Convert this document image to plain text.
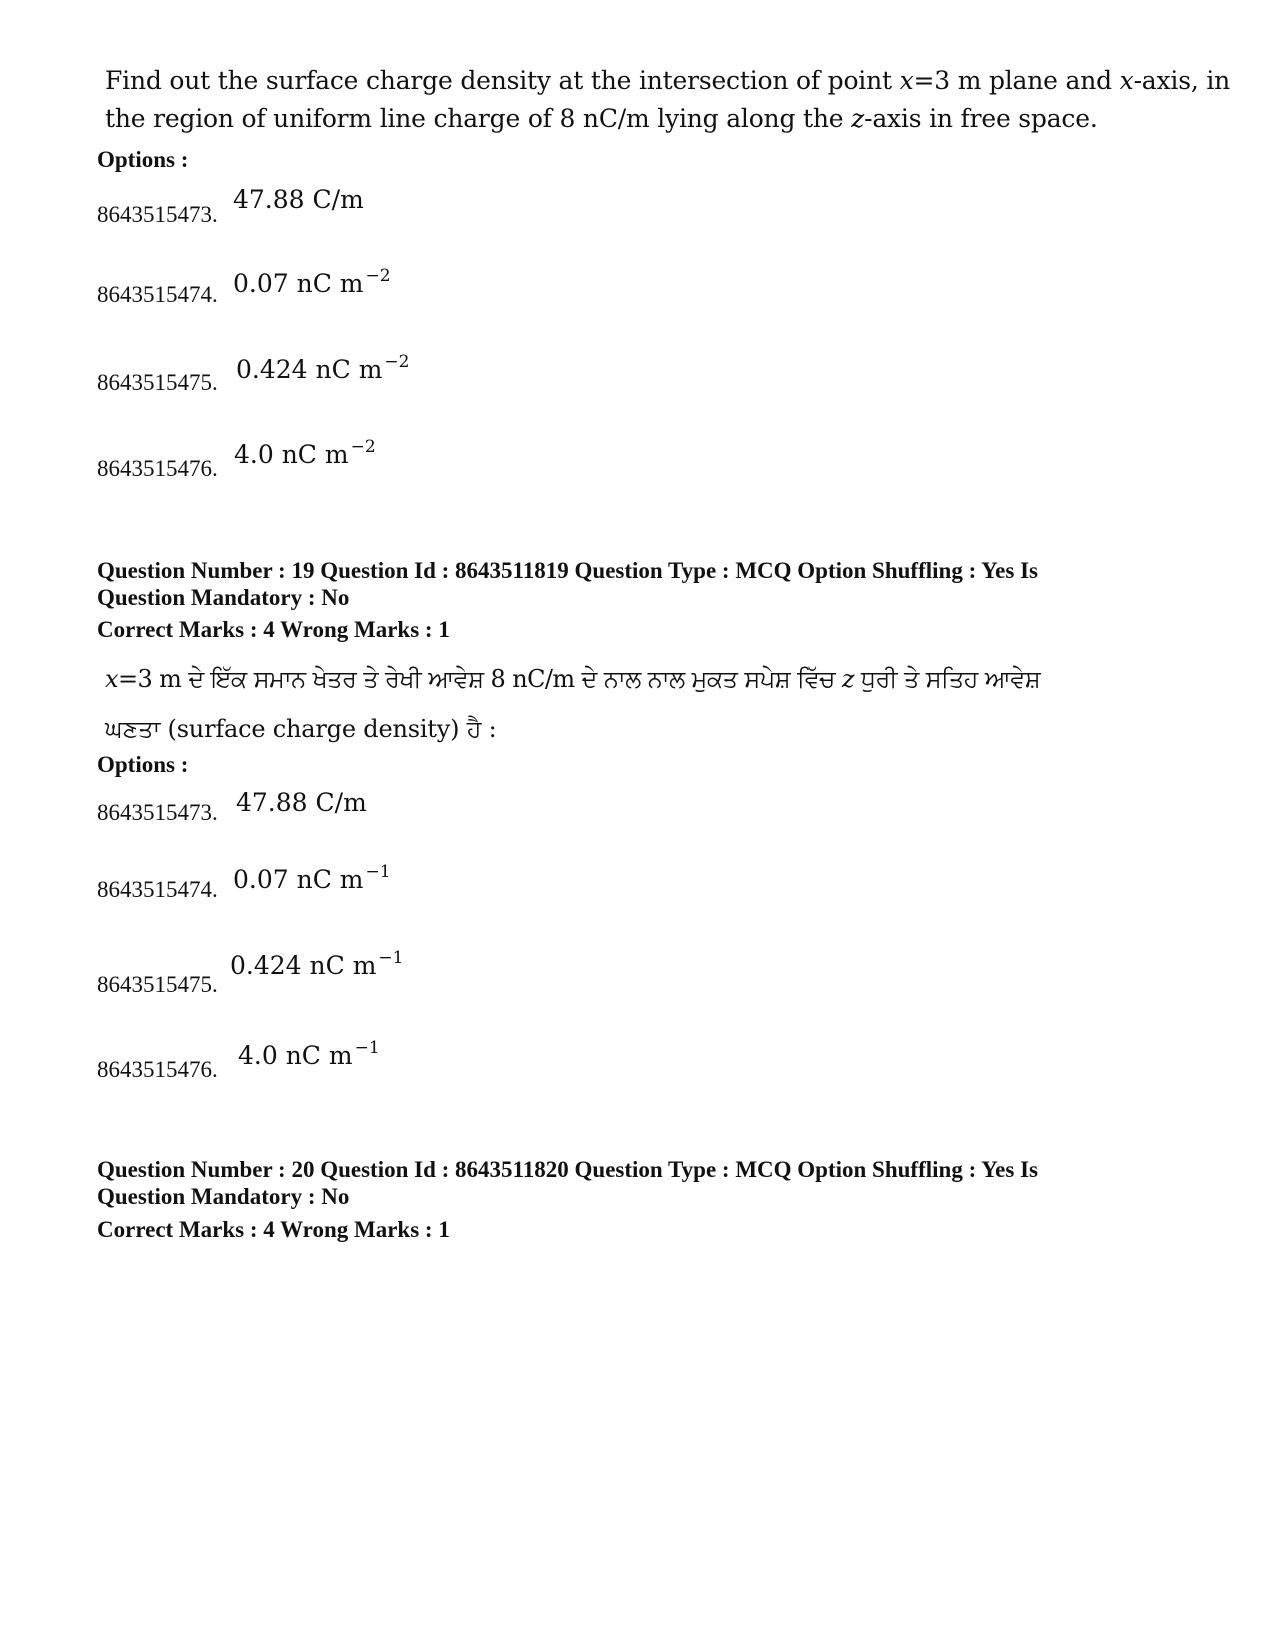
Find out the surface charge density at the intersection of point x=3 m plane and x-axis, in
the region of uniform line charge of 8 nC/m lying along the z-axis in free space.
Options :
8643515473.
47.88 C/m
8643515474. 0.07 nC m $^{-2}$
8643515475. 0.424 nC m $^{-2}$
8643515476. 4.0 nC m $^{-2}$
Question Number : 19 Question Id : 8643511819 Question Type : MCQ Option Shuffling : Yes Is
Question Mandatory : No
Correct Marks : 4 Wrong Marks : 1
x=3 m ਦੇ ਇੱਕ ਸਮਾਨ ਖੇਤਰ ਤੇ ਰੇਖੀ ਆਵੇਸ਼ 8 nC/m ਦੇ ਨਾਲ ਨਾਲ ਮੁਕਤ ਸਪੇਸ਼ ਵਿੱਚ z ਧੁਰੀ ਤੇ ਸਤਿਹ ਆਵੇਸ਼
ਘਣਤਾ (surface charge density) ਹੈ :
Options :
8643515473. 47.88 C/m
8643515474. 0.07 nC m $^{-1}$
8643515475.
0.424 nC m $^{-1}$
8643515476. 4.0 nC m $^{-1}$
Question Number : 20 Question Id : 8643511820 Question Type : MCQ Option Shuffling : Yes Is
Question Mandatory : No
Correct Marks : 4 Wrong Marks : 1
